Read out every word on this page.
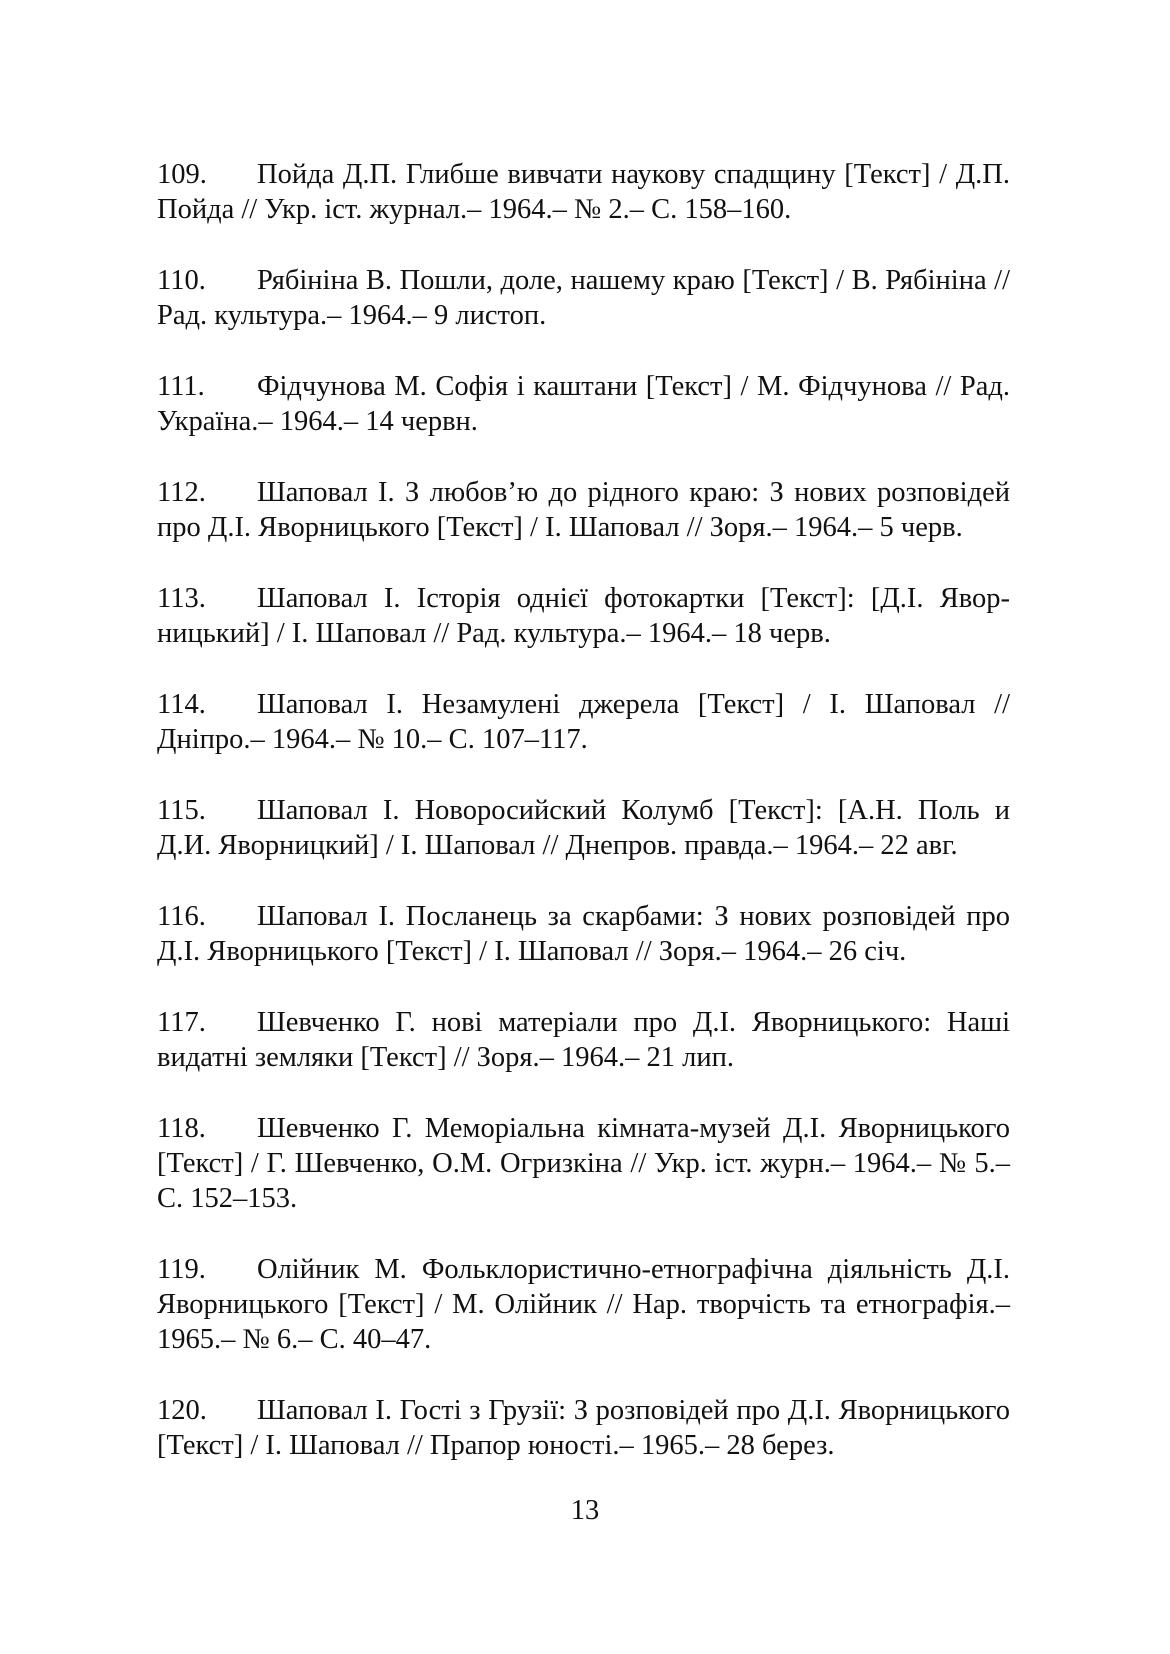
109. Пойда Д.П. Глибше вивчати наукову спадщину [Текст] / Д.П. Пойда // Укр. іст. журнал.– 1964.– № 2.– С. 158–160.

110. Рябініна В. Пошли, доле, нашему краю [Текст] / В. Рябініна // Рад. культура.– 1964.– 9 листоп.

111. Фідчунова М. Софія і каштани [Текст] / М. Фідчунова // Рад. Україна.– 1964.– 14 червн.

112. Шаповал І. З любов’ю до рідного краю: З нових розповідей про Д.І. Яворницького [Текст] / І. Шаповал // Зоря.– 1964.– 5 черв.

113. Шаповал І. Історія однієї фотокартки [Текст]: [Д.І. Яворницький] / І. Шаповал // Рад. культура.– 1964.– 18 черв.

114. Шаповал І. Незамулені джерела [Текст] / І. Шаповал // Дніпро.– 1964.– № 10.– С. 107–117.

115. Шаповал І. Новоросийский Колумб [Текст]: [А.Н. Поль и Д.И. Яворницкий] / І. Шаповал // Днепров. правда.– 1964.– 22 авг.

116. Шаповал І. Посланець за скарбами: З нових розповідей про Д.І. Яворницького [Текст] / І. Шаповал // Зоря.– 1964.– 26 січ.

117. Шевченко Г. нові матеріали про Д.І. Яворницького: Наші видатні земляки [Текст] // Зоря.– 1964.– 21 лип.

118. Шевченко Г. Меморіальна кімната-музей Д.І. Яворницького [Текст] / Г. Шевченко, О.М. Огризкіна // Укр. іст. журн.– 1964.– № 5.– С. 152–153.

119. Олійник М. Фольклористично-етнографічна діяльність Д.І. Яворницького [Текст] / М. Олійник // Нар. творчість та етнографія.– 1965.– № 6.– С. 40–47.

120. Шаповал І. Гості з Грузії: З розповідей про Д.І. Яворницького [Текст] / І. Шаповал // Прапор юності.– 1965.– 28 берез.

13
